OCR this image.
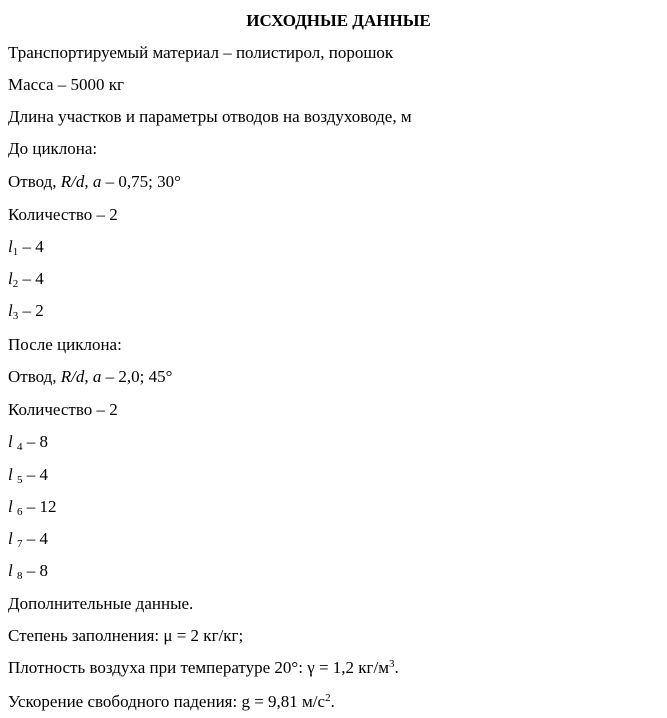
ИСХОДНЫЕ ДАННЫЕ
Транспортируемый материал – полистирол, порошок
Масса – 5000 кг
Длина участков и параметры отводов на воздуховоде, м
До циклона:
Отвод, R/d, a – 0,75; 30°
Количество – 2
$l_1 - 4$
$l_2 - 4$
$l_3 - 2$
После циклона:
Отвод, R/d, a – 2,0; 45°
Количество – 2
l $_4$ – 8
l $_5$ – 4
l $_6$ – 12
l $_7$ – 4
l $_8$ – 8
Дополнительные данные.
Степень заполнения: μ = 2 кг/кг;
Плотность воздуха при температуре 20°: γ = 1,2 $кг/м^3$.
Ускорение свободного падения: g = 9,81 $м/с^2$.
